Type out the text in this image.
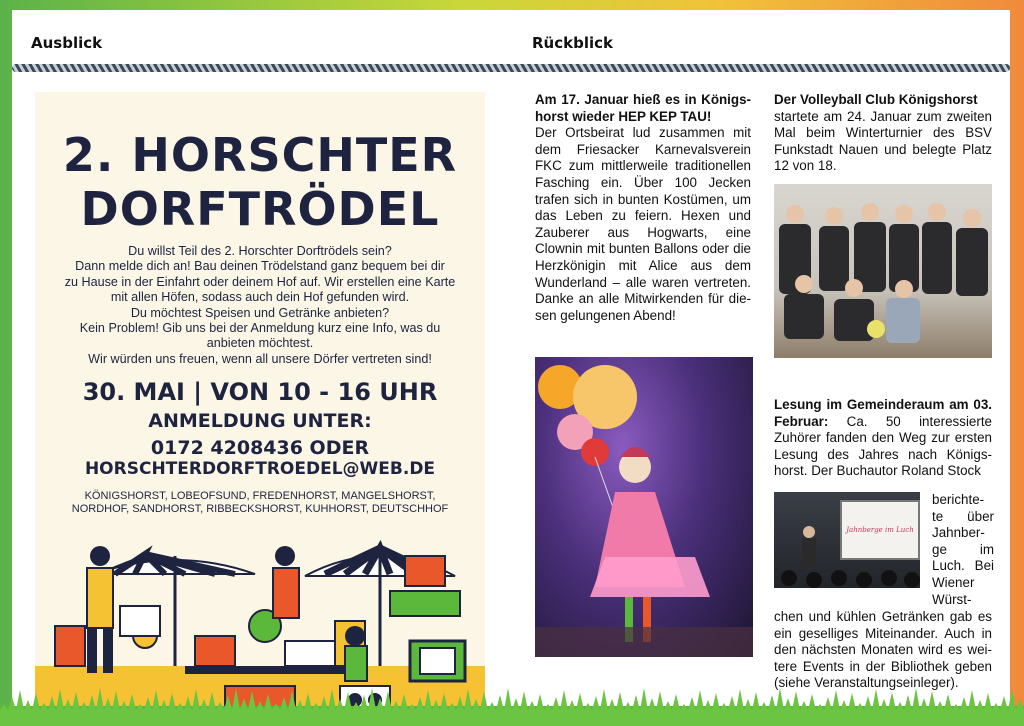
Ausblick	Rückblick
2. HORSCHTER
DORFTRÖDEL
Du willst Teil des 2. Horschter Dorftrödels sein?
Dann melde dich an! Bau deinen Trödelstand ganz bequem bei dir
zu Hause in der Einfahrt oder deinem Hof auf. Wir erstellen eine Karte
mit allen Höfen, sodass auch dein Hof gefunden wird.
Du möchtest Speisen und Getränke anbieten?
Kein Problem! Gib uns bei der Anmeldung kurz eine Info, was du
anbieten möchtest.
Wir würden uns freuen, wenn all unsere Dörfer vertreten sind!
30. MAI | VON 10 - 16 UHR
ANMELDUNG UNTER:
0172 4208436 ODER
HORSCHTERDORFTROEDEL@WEB.DE
KÖNIGSHORST, LOBEOFSUND, FREDENHORST, MANGELSHORST,
NORDHOF, SANDHORST, RIBBECKSHORST, KUHHORST, DEUTSCHHOF
Am 17. Januar hieß es in Königshorst wieder HEP KEP TAU!
Der Ortsbeirat lud zusammen mit dem Friesacker Karnevalsverein FKC zum mittlerweile traditionellen Fasching ein. Über 100 Jecken trafen sich in bunten Kostümen, um das Leben zu feiern. Hexen und Zauberer aus Hogwarts, eine Clownin mit bunten Ballons oder die Herzkönigin mit Alice aus dem Wunderland – alle waren vertreten. Danke an alle Mitwirkenden für diesen gelungenen Abend!
Der Volleyball Club Königshorst
startete am 24. Januar zum zweiten Mal beim Winterturnier des BSV Funkstadt Nauen und belegte Platz 12 von 18.
Lesung im Gemeinderaum am 03. Februar: Ca. 50 interessierte Zuhörer fanden den Weg zur ersten Lesung des Jahres nach Königshorst. Der Buchautor Roland Stock
Jahnberge im Luch
berichte-
te über
Jahnber-
ge im
Luch. Bei
Wiener
Würst-
chen und kühlen Getränken gab es ein geselliges Miteinander. Auch in den nächsten Monaten wird es weitere Events in der Bibliothek geben (siehe Veranstaltungseinleger).
